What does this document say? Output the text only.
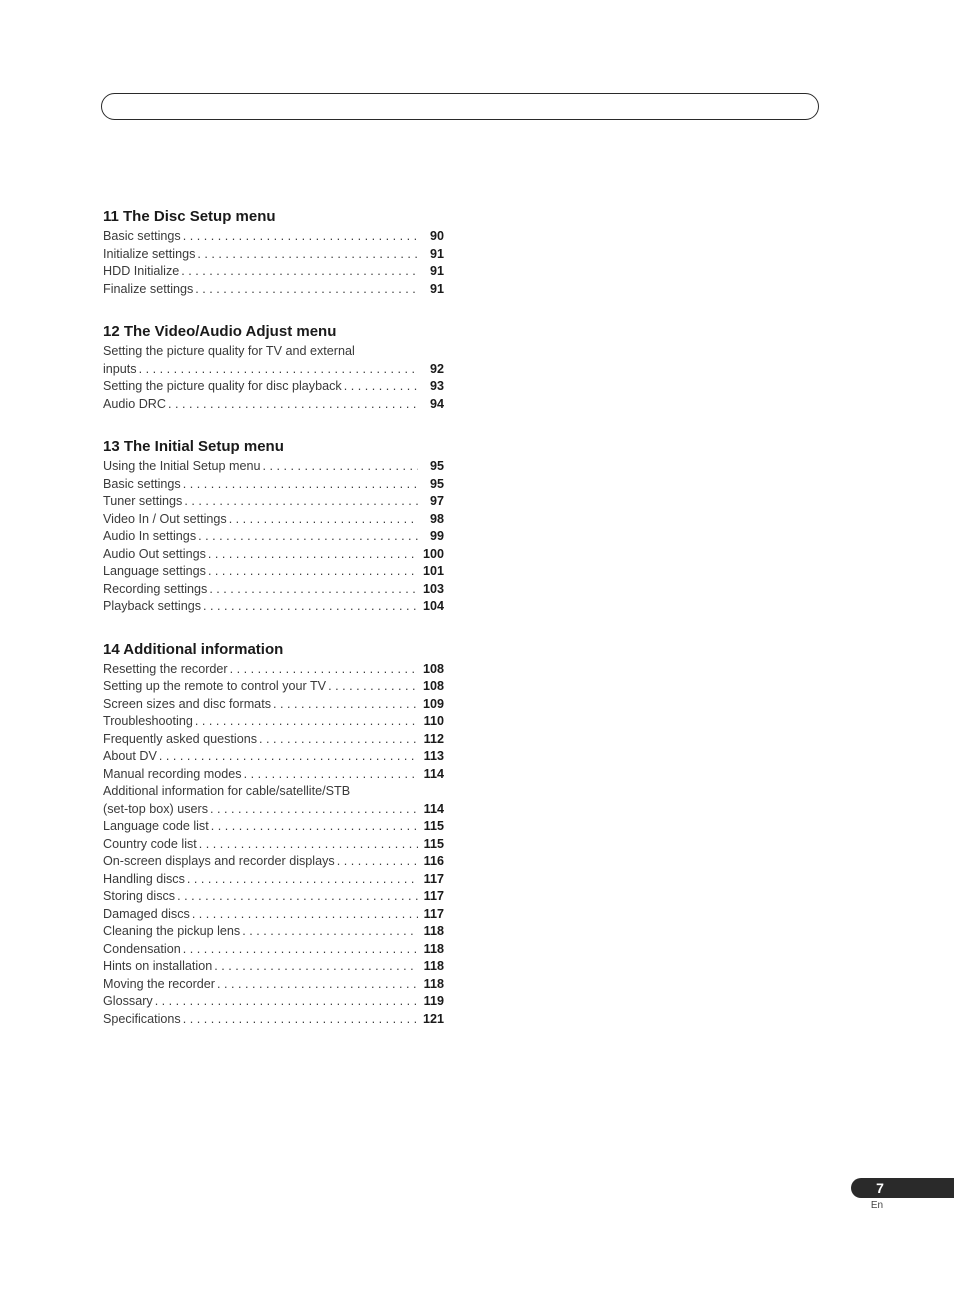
11 The Disc Setup menu
Basic settings . . .	90
Initialize settings . . .	91
HDD Initialize . . .	91
Finalize settings . . .	91
12 The Video/Audio Adjust menu
Setting the picture quality for TV and external
inputs . . .	92
Setting the picture quality for disc playback . . .	93
Audio DRC . . .	94
13 The Initial Setup menu
Using the Initial Setup menu . . .	95
Basic settings . . .	95
Tuner settings . . .	97
Video In / Out settings . . .	98
Audio In settings . . .	99
Audio Out settings . . .	100
Language settings . . .	101
Recording settings . . .	103
Playback settings . . .	104
14 Additional information
Resetting the recorder . . .	108
Setting up the remote to control your TV . . .	108
Screen sizes and disc formats . . .	109
Troubleshooting . . .	110
Frequently asked questions . . .	112
About DV . . .	113
Manual recording modes . . .	114
Additional information for cable/satellite/STB
(set-top box) users . . .	114
Language code list . . .	115
Country code list . . .	115
On-screen displays and recorder displays . . .	116
Handling discs . . .	117
Storing discs . . .	117
Damaged discs . . .	117
Cleaning the pickup lens . . .	118
Condensation . . .	118
Hints on installation . . .	118
Moving the recorder . . .	118
Glossary . . .	119
Specifications . . .	121
7
En
